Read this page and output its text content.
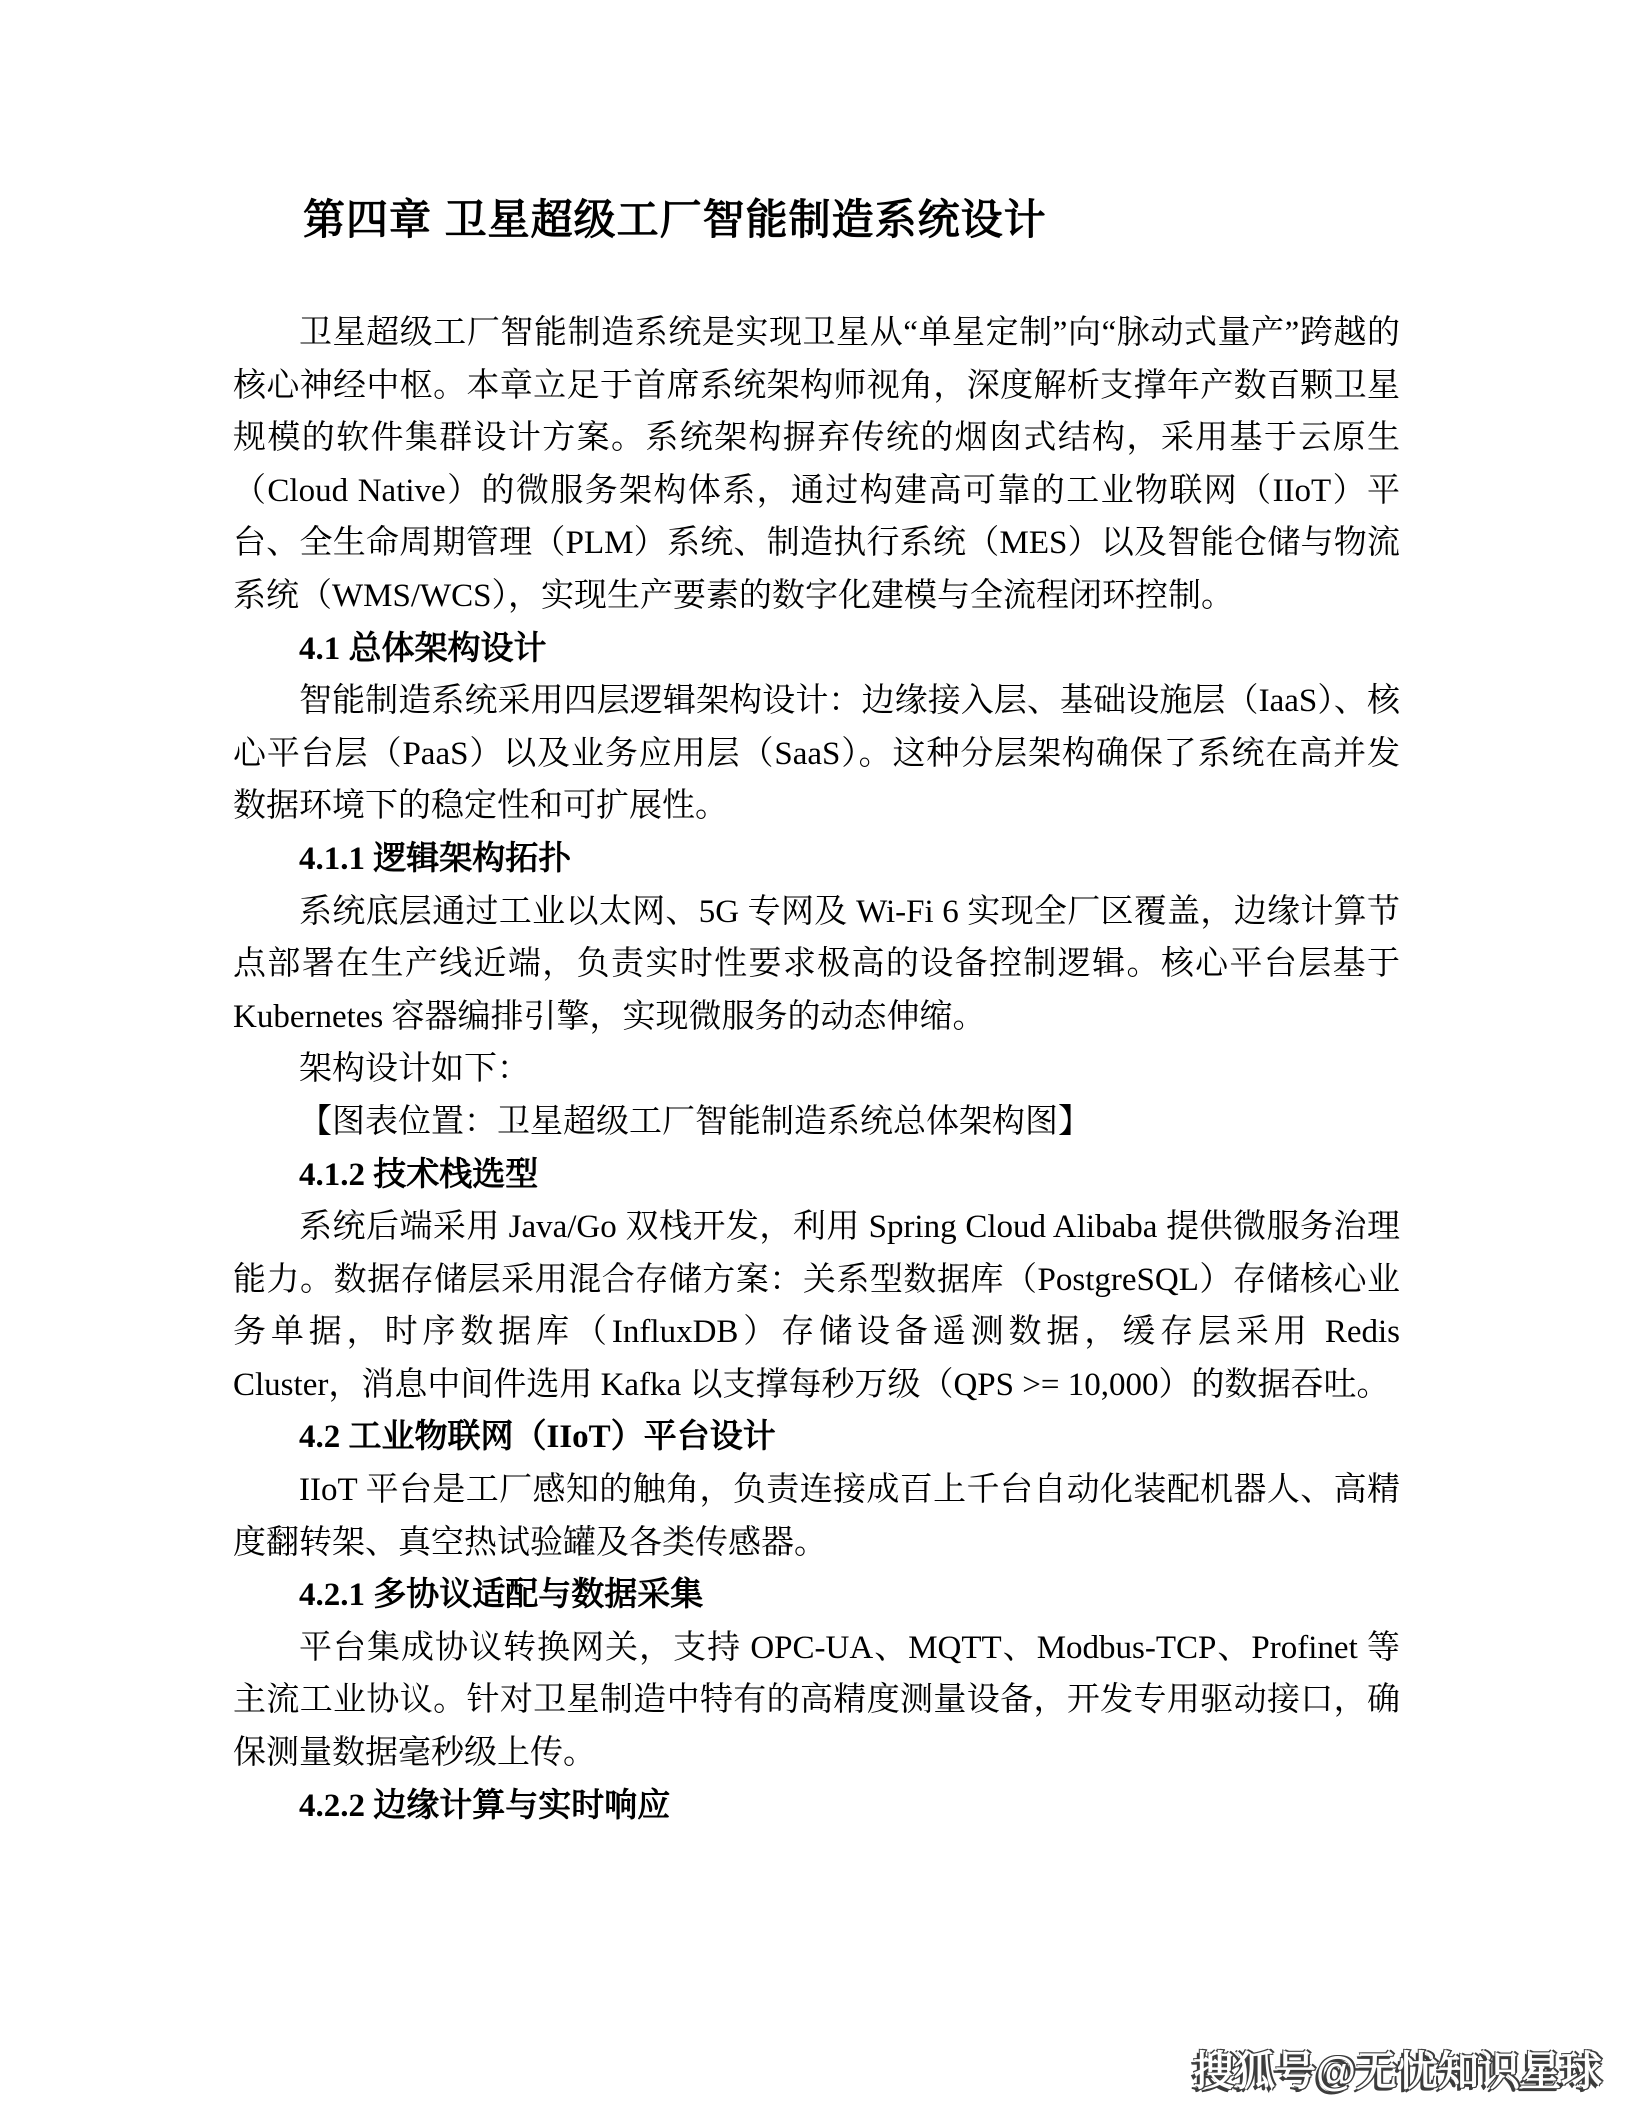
第四章 卫星超级工厂智能制造系统设计

卫星超级工厂智能制造系统是实现卫星从“单星定制”向“脉动式量产”跨越的核心神经中枢。本章立足于首席系统架构师视角，深度解析支撑年产数百颗卫星规模的软件集群设计方案。系统架构摒弃传统的烟囱式结构，采用基于云原生（Cloud Native）的微服务架构体系，通过构建高可靠的工业物联网（IIoT）平台、全生命周期管理（PLM）系统、制造执行系统（MES）以及智能仓储与物流系统（WMS/WCS），实现生产要素的数字化建模与全流程闭环控制。

4.1 总体架构设计

智能制造系统采用四层逻辑架构设计：边缘接入层、基础设施层（IaaS）、核心平台层（PaaS）以及业务应用层（SaaS）。这种分层架构确保了系统在高并发数据环境下的稳定性和可扩展性。

4.1.1 逻辑架构拓扑

系统底层通过工业以太网、5G 专网及 Wi-Fi 6 实现全厂区覆盖，边缘计算节点部署在生产线近端，负责实时性要求极高的设备控制逻辑。核心平台层基于 Kubernetes 容器编排引擎，实现微服务的动态伸缩。

架构设计如下：

【图表位置：卫星超级工厂智能制造系统总体架构图】

4.1.2 技术栈选型

系统后端采用 Java/Go 双栈开发，利用 Spring Cloud Alibaba 提供微服务治理能力。数据存储层采用混合存储方案：关系型数据库（PostgreSQL）存储核心业务单据，时序数据库（InfluxDB）存储设备遥测数据，缓存层采用 Redis Cluster，消息中间件选用 Kafka 以支撑每秒万级（QPS >= 10,000）的数据吞吐。

4.2 工业物联网（IIoT）平台设计

IIoT 平台是工厂感知的触角，负责连接成百上千台自动化装配机器人、高精度翻转架、真空热试验罐及各类传感器。

4.2.1 多协议适配与数据采集

平台集成协议转换网关，支持 OPC-UA、MQTT、Modbus-TCP、Profinet 等主流工业协议。针对卫星制造中特有的高精度测量设备，开发专用驱动接口，确保测量数据毫秒级上传。

4.2.2 边缘计算与实时响应
搜狐号@无忧知识星球
